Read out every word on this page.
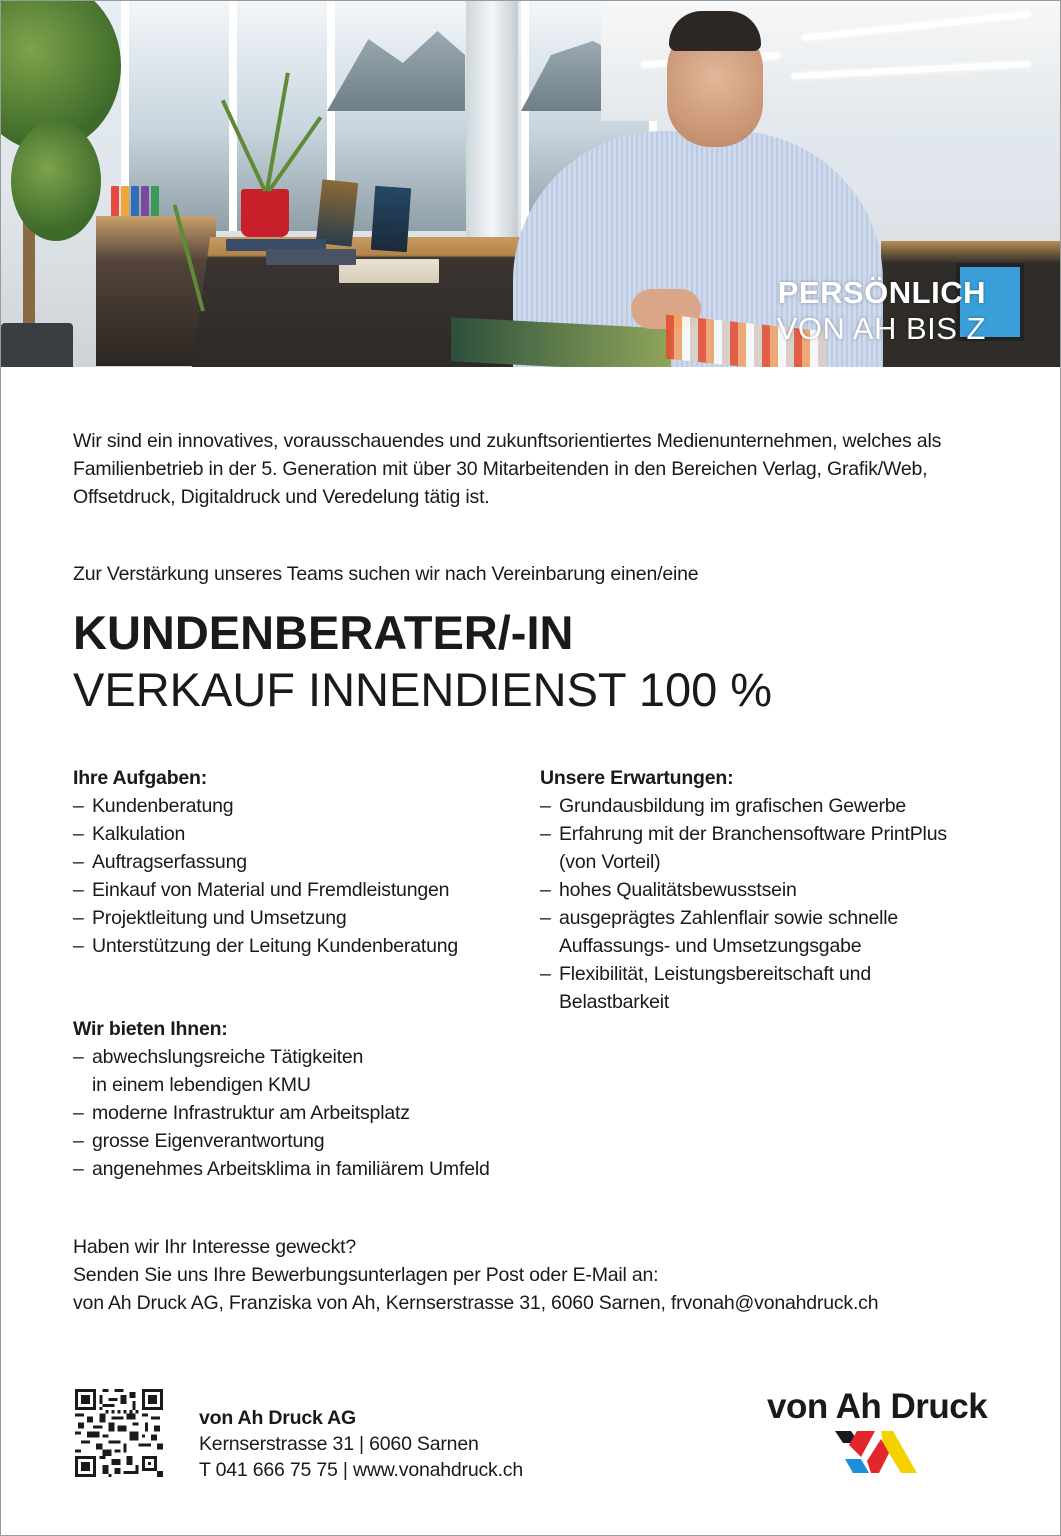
PERSÖNLICH
VON AH BIS Z
Wir sind ein innovatives, vorausschauendes und zukunftsorientiertes Medienunternehmen, welches als Familienbetrieb in der 5. Generation mit über 30 Mitarbeitenden in den Bereichen Verlag, Grafik/Web, Offsetdruck, Digitaldruck und Veredelung tätig ist.
Zur Verstärkung unseres Teams suchen wir nach Vereinbarung einen/eine
KUNDENBERATER/-IN
VERKAUF INNENDIENST 100 %
Ihre Aufgaben:
– Kundenberatung
– Kalkulation
– Auftragserfassung
– Einkauf von Material und Fremdleistungen
– Projektleitung und Umsetzung
– Unterstützung der Leitung Kundenberatung
Unsere Erwartungen:
– Grundausbildung im grafischen Gewerbe
– Erfahrung mit der Branchensoftware PrintPlus (von Vorteil)
– hohes Qualitätsbewusstsein
– ausgeprägtes Zahlenflair sowie schnelle Auffassungs- und Umsetzungsgabe
– Flexibilität, Leistungsbereitschaft und Belastbarkeit
Wir bieten Ihnen:
– abwechslungsreiche Tätigkeiten in einem lebendigen KMU
– moderne Infrastruktur am Arbeitsplatz
– grosse Eigenverantwortung
– angenehmes Arbeitsklima in familiärem Umfeld
Haben wir Ihr Interesse geweckt?
Senden Sie uns Ihre Bewerbungsunterlagen per Post oder E-Mail an:
von Ah Druck AG, Franziska von Ah, Kernserstrasse 31, 6060 Sarnen, frvonah@vonahdruck.ch
von Ah Druck AG
Kernserstrasse 31 | 6060 Sarnen
T 041 666 75 75 | www.vonahdruck.ch
von Ah Druck
